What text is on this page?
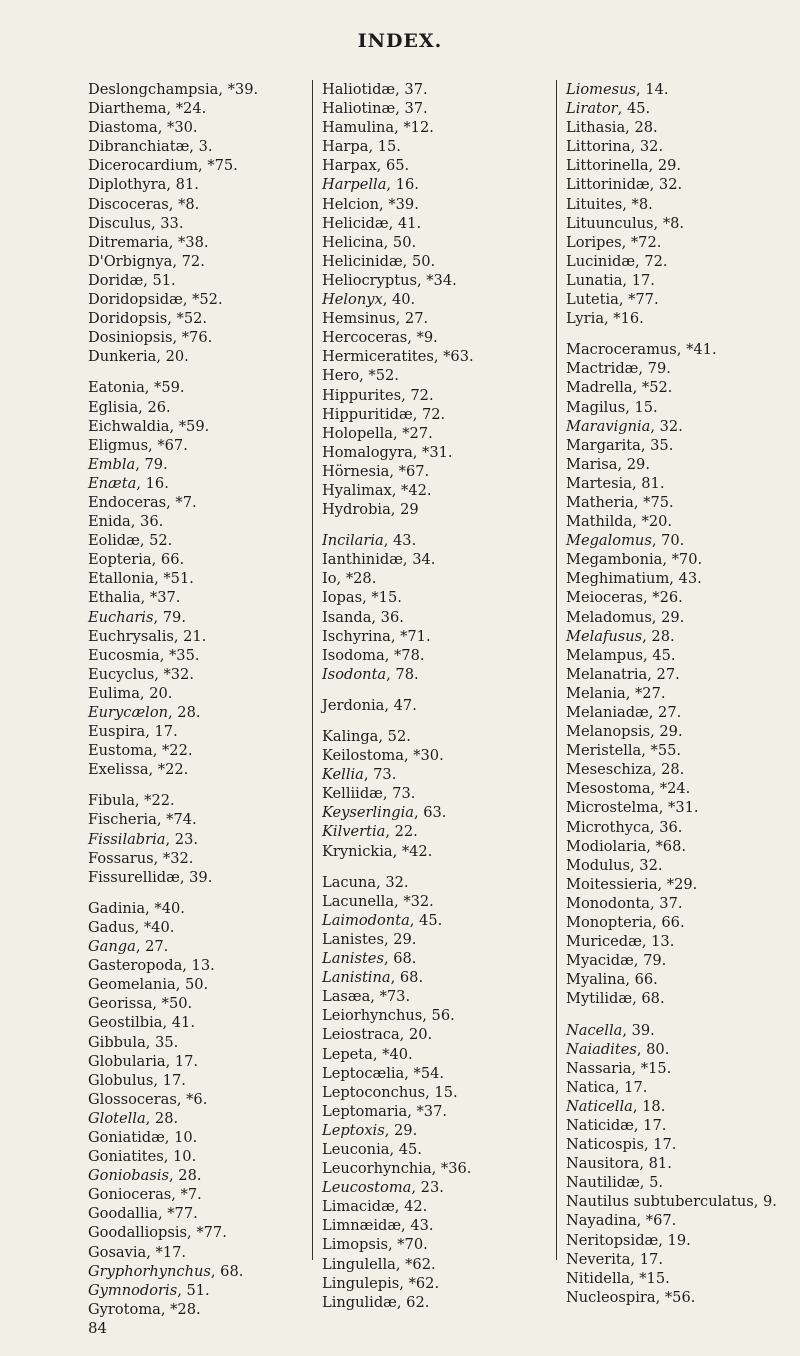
INDEX.
Deslongchampsia, *39.
Diarthema, *24.
Diastoma, *30.
Dibranchiatæ, 3.
Dicerocardium, *75.
Diplothyra, 81.
Discoceras, *8.
Disculus, 33.
Ditremaria, *38.
D'Orbignya, 72.
Doridæ, 51.
Doridopsidæ, *52.
Doridopsis, *52.
Dosiniopsis, *76.
Dunkeria, 20.
Eatonia, *59.
Eglisia, 26.
Eichwaldia, *59.
Eligmus, *67.
Embla, 79.
Enæta, 16.
Endoceras, *7.
Enida, 36.
Eolidæ, 52.
Eopteria, 66.
Etallonia, *51.
Ethalia, *37.
Eucharis, 79.
Euchrysalis, 21.
Eucosmia, *35.
Eucyclus, *32.
Eulima, 20.
Eurycælon, 28.
Euspira, 17.
Eustoma, *22.
Exelissa, *22.
Fibula, *22.
Fischeria, *74.
Fissilabria, 23.
Fossarus, *32.
Fissurellidæ, 39.
Gadinia, *40.
Gadus, *40.
Ganga, 27.
Gasteropoda, 13.
Geomelania, 50.
Georissa, *50.
Geostilbia, 41.
Gibbula, 35.
Globularia, 17.
Globulus, 17.
Glossoceras, *6.
Glotella, 28.
Goniatidæ, 10.
Goniatites, 10.
Goniobasis, 28.
Gonioceras, *7.
Goodallia, *77.
Goodalliopsis, *77.
Gosavia, *17.
Gryphorhynchus, 68.
Gymnodoris, 51.
Gyrotoma, *28.
84
Haliotidæ, 37.
Haliotinæ, 37.
Hamulina, *12.
Harpa, 15.
Harpax, 65.
Harpella, 16.
Helcion, *39.
Helicidæ, 41.
Helicina, 50.
Helicinidæ, 50.
Heliocryptus, *34.
Helonyx, 40.
Hemsinus, 27.
Hercoceras, *9.
Hermiceratites, *63.
Hero, *52.
Hippurites, 72.
Hippuritidæ, 72.
Holopella, *27.
Homalogyra, *31.
Hörnesia, *67.
Hyalimax, *42.
Hydrobia, 29
Incilaria, 43.
Ianthinidæ, 34.
Io, *28.
Iopas, *15.
Isanda, 36.
Ischyrina, *71.
Isodoma, *78.
Isodonta, 78.
Jerdonia, 47.
Kalinga, 52.
Keilostoma, *30.
Kellia, 73.
Kelliidæ, 73.
Keyserlingia, 63.
Kilvertia, 22.
Krynickia, *42.
Lacuna, 32.
Lacunella, *32.
Laimodonta, 45.
Lanistes, 29.
Lanistes, 68.
Lanistina, 68.
Lasæa, *73.
Leiorhynchus, 56.
Leiostraca, 20.
Lepeta, *40.
Leptocælia, *54.
Leptoconchus, 15.
Leptomaria, *37.
Leptoxis, 29.
Leuconia, 45.
Leucorhynchia, *36.
Leucostoma, 23.
Limacidæ, 42.
Limnæidæ, 43.
Limopsis, *70.
Lingulella, *62.
Lingulepis, *62.
Lingulidæ, 62.
Liomesus, 14.
Lirator, 45.
Lithasia, 28.
Littorina, 32.
Littorinella, 29.
Littorinidæ, 32.
Lituites, *8.
Lituunculus, *8.
Loripes, *72.
Lucinidæ, 72.
Lunatia, 17.
Lutetia, *77.
Lyria, *16.
Macroceramus, *41.
Mactridæ, 79.
Madrella, *52.
Magilus, 15.
Maravignia, 32.
Margarita, 35.
Marisa, 29.
Martesia, 81.
Matheria, *75.
Mathilda, *20.
Megalomus, 70.
Megambonia, *70.
Meghimatium, 43.
Meioceras, *26.
Meladomus, 29.
Melafusus, 28.
Melampus, 45.
Melanatria, 27.
Melania, *27.
Melaniadæ, 27.
Melanopsis, 29.
Meristella, *55.
Meseschiza, 28.
Mesostoma, *24.
Microstelma, *31.
Microthyca, 36.
Modiolaria, *68.
Modulus, 32.
Moitessieria, *29.
Monodonta, 37.
Monopteria, 66.
Muricedæ, 13.
Myacidæ, 79.
Myalina, 66.
Mytilidæ, 68.
Nacella, 39.
Naiadites, 80.
Nassaria, *15.
Natica, 17.
Naticella, 18.
Naticidæ, 17.
Naticospis, 17.
Nausitora, 81.
Nautilidæ, 5.
Nautilus subtuberculatus, 9.
Nayadina, *67.
Neritopsidæ, 19.
Neverita, 17.
Nitidella, *15.
Nucleospira, *56.
